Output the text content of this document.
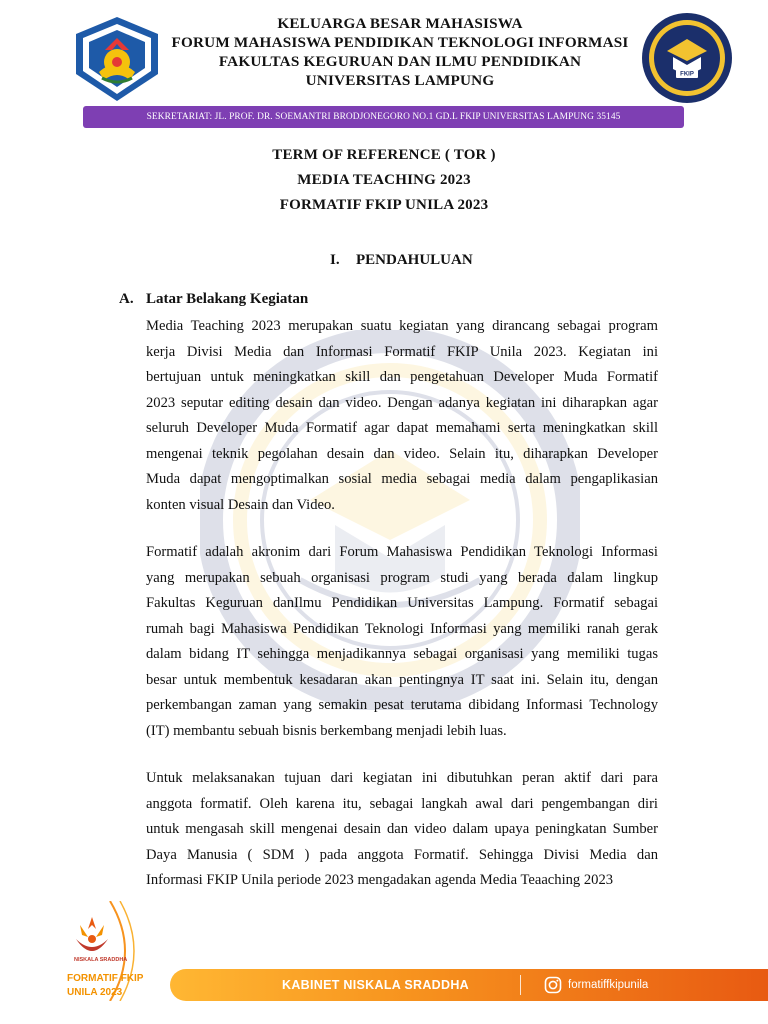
KELUARGA BESAR MAHASISWA
FORUM MAHASISWA PENDIDIKAN TEKNOLOGI INFORMASI
FAKULTAS KEGURUAN DAN ILMU PENDIDIKAN
UNIVERSITAS LAMPUNG	FKIP
SEKRETARIAT: JL. PROF. DR. SOEMANTRI BRODJONEGORO NO.1 GD.L FKIP UNIVERSITAS LAMPUNG 35145
TERM OF REFERENCE ( TOR )
MEDIA TEACHING 2023
FORMATIF FKIP UNILA 2023
I. PENDAHULUAN
A. Latar Belakang Kegiatan
Media Teaching 2023 merupakan suatu kegiatan yang dirancang sebagai program
kerja Divisi Media dan Informasi Formatif FKIP Unila 2023. Kegiatan ini
bertujuan untuk meningkatkan skill dan pengetahuan Developer Muda Formatif
2023 seputar editing desain dan video. Dengan adanya kegiatan ini diharapkan agar
seluruh Developer Muda Formatif agar dapat memahami serta meningkatkan skill
mengenai teknik pegolahan desain dan video. Selain itu, diharapkan Developer
Muda dapat mengoptimalkan sosial media sebagai media dalam pengaplikasian
konten visual Desain dan Video.
Formatif adalah akronim dari Forum Mahasiswa Pendidikan Teknologi Informasi
yang merupakan sebuah organisasi program studi yang berada dalam lingkup
Fakultas Keguruan danIlmu Pendidikan Universitas Lampung. Formatif sebagai
rumah bagi Mahasiswa Pendidikan Teknologi Informasi yang memiliki ranah gerak
dalam bidang IT sehingga menjadikannya sebagai organisasi yang memiliki tugas
besar untuk membentuk kesadaran akan pentingnya IT saat ini. Selain itu, dengan
perkembangan zaman yang semakin pesat terutama dibidang Informasi Technology
(IT) membantu sebuah bisnis berkembang menjadi lebih luas.
Untuk melaksanakan tujuan dari kegiatan ini dibutuhkan peran aktif dari para
anggota formatif. Oleh karena itu, sebagai langkah awal dari pengembangan diri
untuk mengasah skill mengenai desain dan video dalam upaya peningkatan Sumber
Daya Manusia ( SDM ) pada anggota Formatif. Sehingga Divisi Media dan
Informasi FKIP Unila periode 2023 mengadakan agenda Media Teaaching 2023
NISKALA SRADDHA
FORMATIF FKIP
UNILA 2023
KABINET NISKALA SRADDHA	formatiffkipunila
